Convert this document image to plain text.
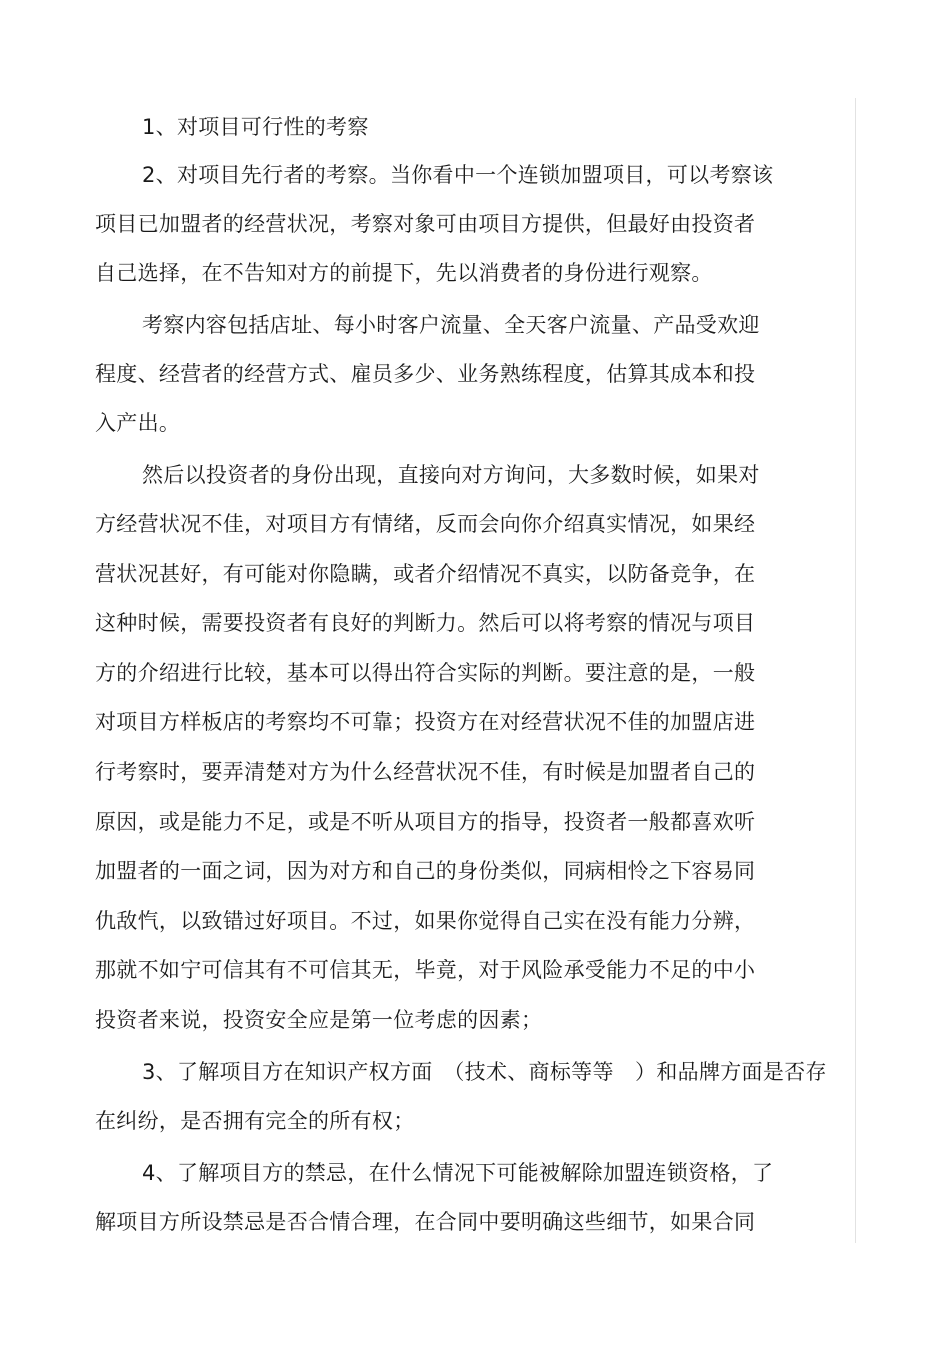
1、对项目可行性的考察
2、对项目先行者的考察。当你看中一个连锁加盟项目，可以考察该
项目已加盟者的经营状况，考察对象可由项目方提供，但最好由投资者
自己选择，在不告知对方的前提下，先以消费者的身份进行观察。
考察内容包括店址、每小时客户流量、全天客户流量、产品受欢迎
程度、经营者的经营方式、雇员多少、业务熟练程度，估算其成本和投
入产出。
然后以投资者的身份出现，直接向对方询问，大多数时候，如果对
方经营状况不佳，对项目方有情绪，反而会向你介绍真实情况，如果经
营状况甚好，有可能对你隐瞒，或者介绍情况不真实，以防备竞争，在
这种时候，需要投资者有良好的判断力。然后可以将考察的情况与项目
方的介绍进行比较，基本可以得出符合实际的判断。要注意的是，一般
对项目方样板店的考察均不可靠；投资方在对经营状况不佳的加盟店进
行考察时，要弄清楚对方为什么经营状况不佳，有时候是加盟者自己的
原因，或是能力不足，或是不听从项目方的指导，投资者一般都喜欢听
加盟者的一面之词，因为对方和自己的身份类似，同病相怜之下容易同
仇敌忾，以致错过好项目。不过，如果你觉得自己实在没有能力分辨，
那就不如宁可信其有不可信其无，毕竟，对于风险承受能力不足的中小
投资者来说，投资安全应是第一位考虑的因素；
3、了解项目方在知识产权方面　（技术、商标等等　）和品牌方面是否存
在纠纷，是否拥有完全的所有权；
4、了解项目方的禁忌，在什么情况下可能被解除加盟连锁资格，了
解项目方所设禁忌是否合情合理，在合同中要明确这些细节，如果合同
